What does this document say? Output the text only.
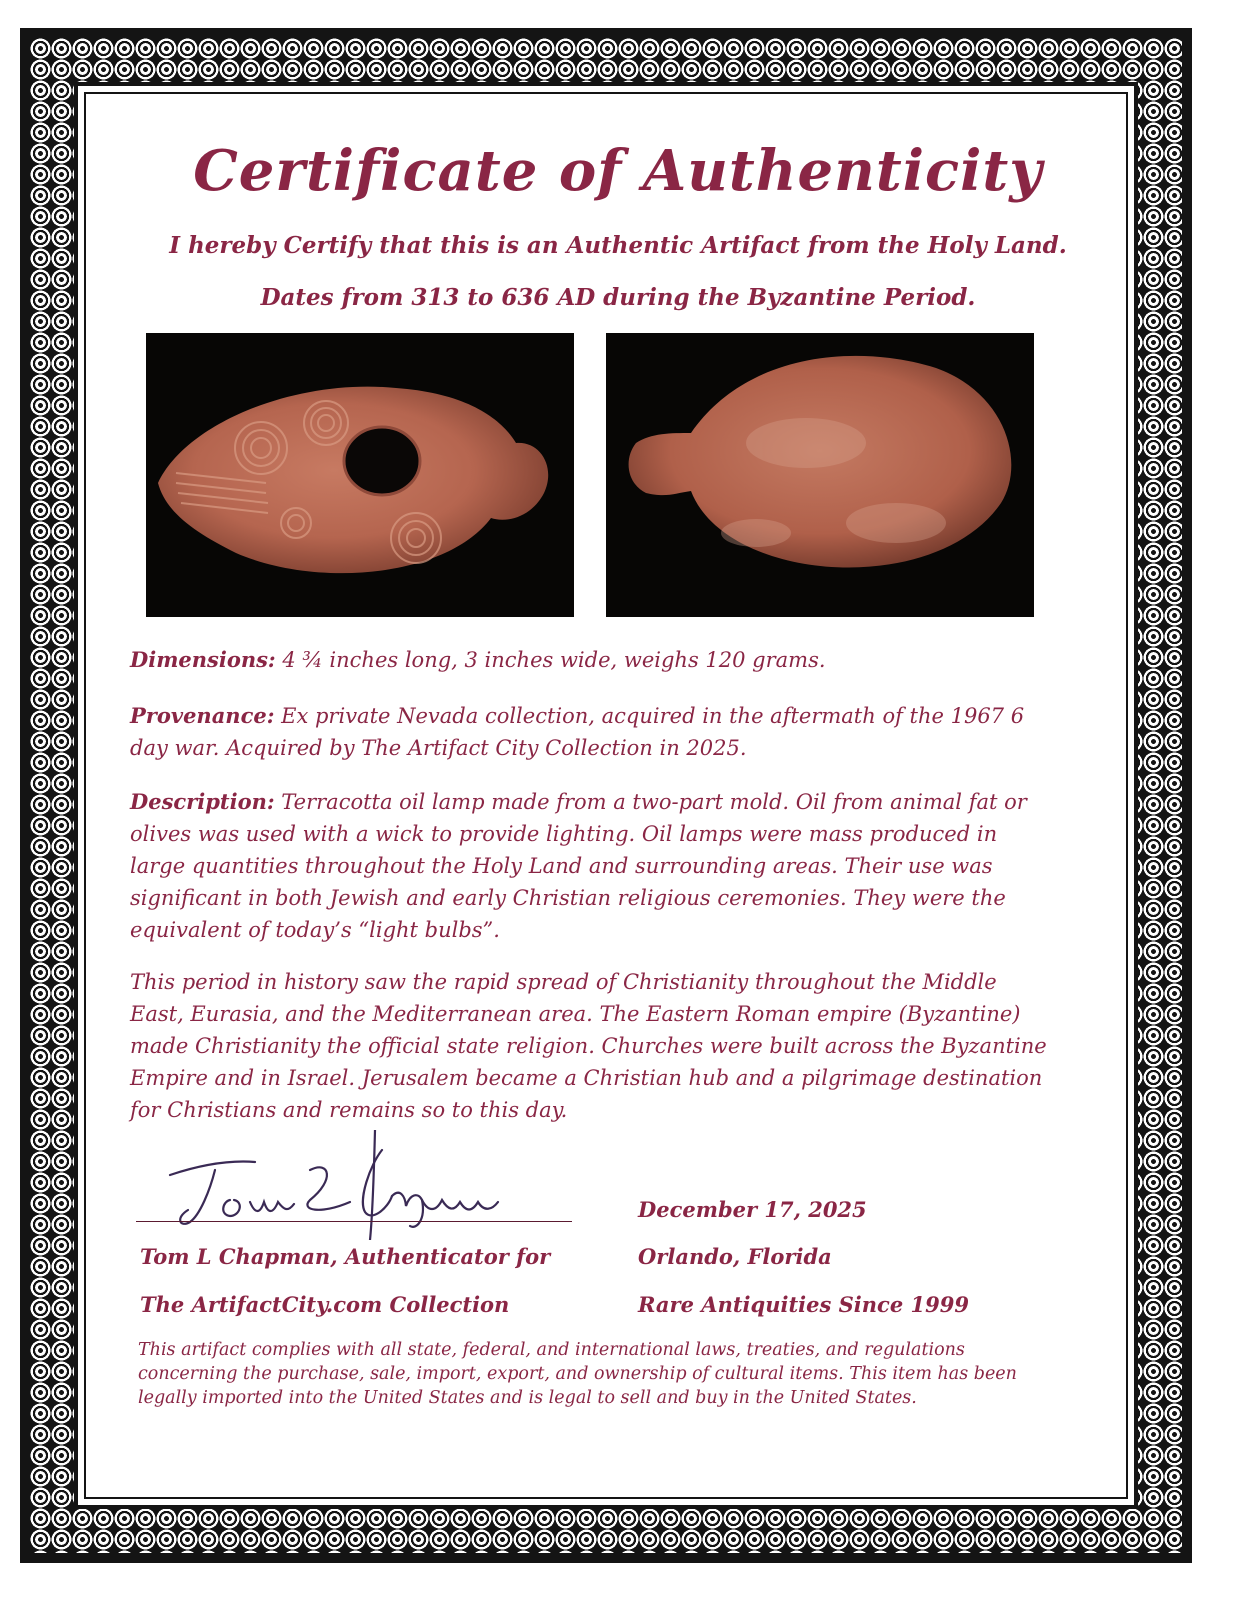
Certificate of Authenticity
I hereby Certify that this is an Authentic Artifact from the Holy Land.
Dates from 313 to 636 AD during the Byzantine Period.
Dimensions: 4 ¾ inches long, 3 inches wide, weighs 120 grams.
Provenance: Ex private Nevada collection, acquired in the aftermath of the 1967 6 day war. Acquired by The Artifact City Collection in 2025.
Description: Terracotta oil lamp made from a two-part mold. Oil from animal fat or olives was used with a wick to provide lighting. Oil lamps were mass produced in large quantities throughout the Holy Land and surrounding areas. Their use was significant in both Jewish and early Christian religious ceremonies. They were the equivalent of today’s “light bulbs”.
This period in history saw the rapid spread of Christianity throughout the Middle East, Eurasia, and the Mediterranean area. The Eastern Roman empire (Byzantine) made Christianity the official state religion. Churches were built across the Byzantine Empire and in Israel. Jerusalem became a Christian hub and a pilgrimage destination for Christians and remains so to this day.
Tom L Chapman
Tom L Chapman, Authenticator for
The ArtifactCity.com Collection
December 17, 2025
Orlando, Florida
Rare Antiquities Since 1999
This artifact complies with all state, federal, and international laws, treaties, and regulations concerning the purchase, sale, import, export, and ownership of cultural items. This item has been legally imported into the United States and is legal to sell and buy in the United States.
